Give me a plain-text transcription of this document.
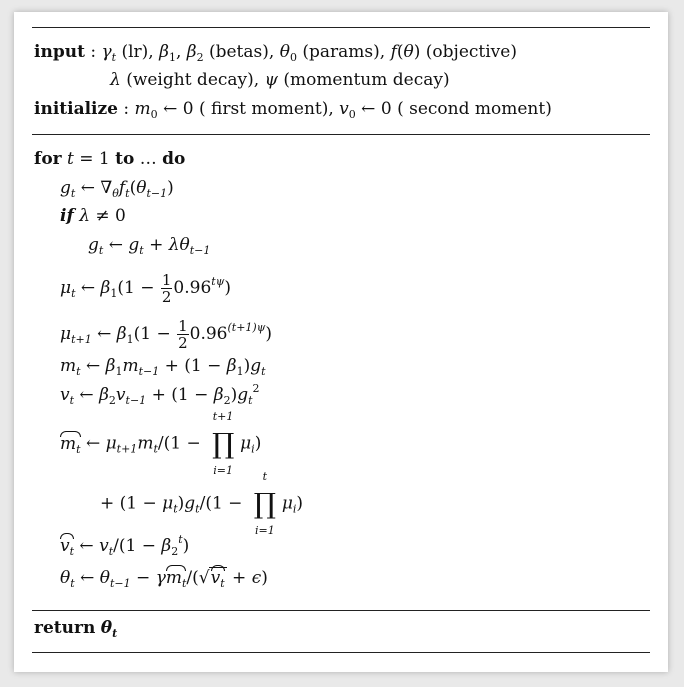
input : $\gamma_t$ (lr), $\beta_1$, $\beta_2$ (betas), $\theta_0$ (params), f(θ) (objective)
λ (weight decay), ψ (momentum decay)
initialize : $m_0$ ← 0 ( first moment), $v_0$ ← 0 ( second moment)
for t = 1 to … do
$g_t$ ← $\nabla_\theta f_t(\theta_{t-1})$
if λ ≠ 0
$g_t$ ← $g_t + \lambda\theta_{t-1}$
$\mu_t$ ← $\beta_1(1 - \frac{1}{2} 0.96^{t\psi})$
$\mu_{t+1}$ ← $\beta_1(1 - \frac{1}{2} 0.96^{(t+1)\psi})$
$m_t$ ← $\beta_1m_{t-1} + (1 - \beta_1)g_t$
$v_t$ ← $\beta_2v_{t-1} + (1 - \beta_2)g_t^2$
$m_t$ ← $\mu_{t+1}m_t/(1$ −
t+1
∏
i=1
$\mu_i$)
+ $(1 - \mu_t)g_t/(1$ −
t
∏
i=1
$\mu_i$)
$v_t$ ← $v_t/(1 - \beta_2^t)$
$\theta_t$ ← $\theta_{t-1} - \gamma m_t/(√v_t + \epsilon)$
return $\theta_t$
